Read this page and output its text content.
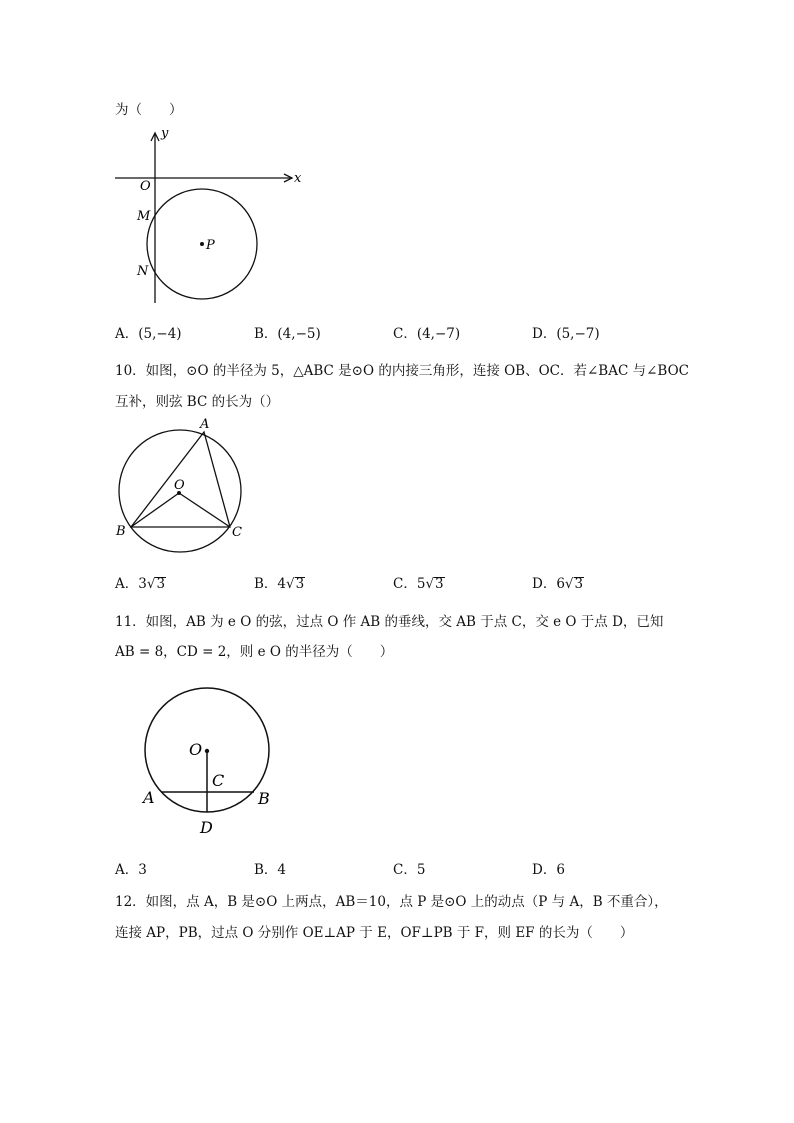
为（　　）
x
y
O
M
N
P
A．(5,−4)	B．(4,−5)	C．(4,−7)	D．(5,−7)
10．如图，⊙O 的半径为 5，△ABC 是⊙O 的内接三角形，连接 OB、OC．若∠BAC 与∠BOC
互补，则弦 BC 的长为（）
A
O
B	C
A．3√3	B．4√3	C．5√3	D．6√3
11．如图，AB 为 e O 的弦，过点 O 作 AB 的垂线，交 AB 于点 C，交 e O 于点 D，已知
AB = 8，CD = 2，则 e O 的半径为（　　）
O
C
A	B
D
A．3	B．4	C．5	D．6
12．如图，点 A，B 是⊙O 上两点，AB＝10，点 P 是⊙O 上的动点（P 与 A，B 不重合），
连接 AP，PB，过点 O 分别作 OE⊥AP 于 E，OF⊥PB 于 F，则 EF 的长为（　　）
